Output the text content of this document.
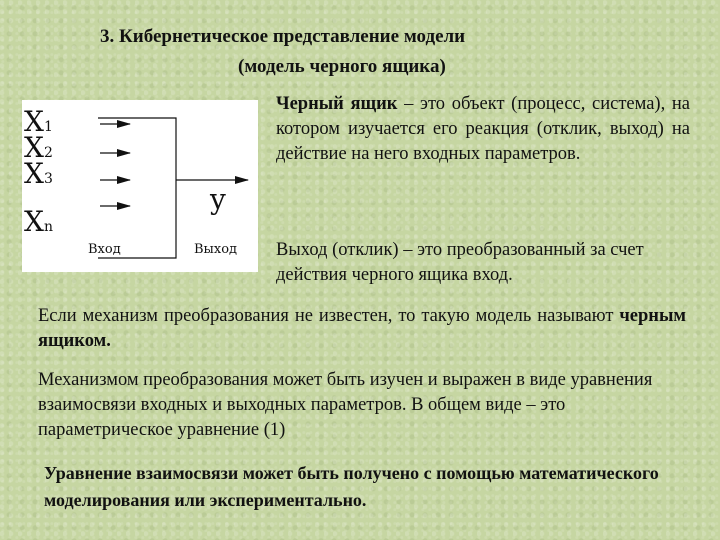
3. Кибернетическое представление модели
(модель черного ящика)
X1
X2
X3
Xn
y
Вход	Выход
Черный ящик – это объект (процесс, система), на котором изучается его реакция (отклик, выход) на действие на него входных параметров.
Выход (отклик) – это преобразованный за счет действия черного ящика вход.
Если механизм преобразования не известен, то такую модель называют черным ящиком.
Механизмом преобразования может быть изучен и выражен в виде уравнения взаимосвязи входных и выходных параметров. В общем виде – это параметрическое уравнение (1)
Уравнение взаимосвязи может быть получено с помощью математического моделирования или экспериментально.
